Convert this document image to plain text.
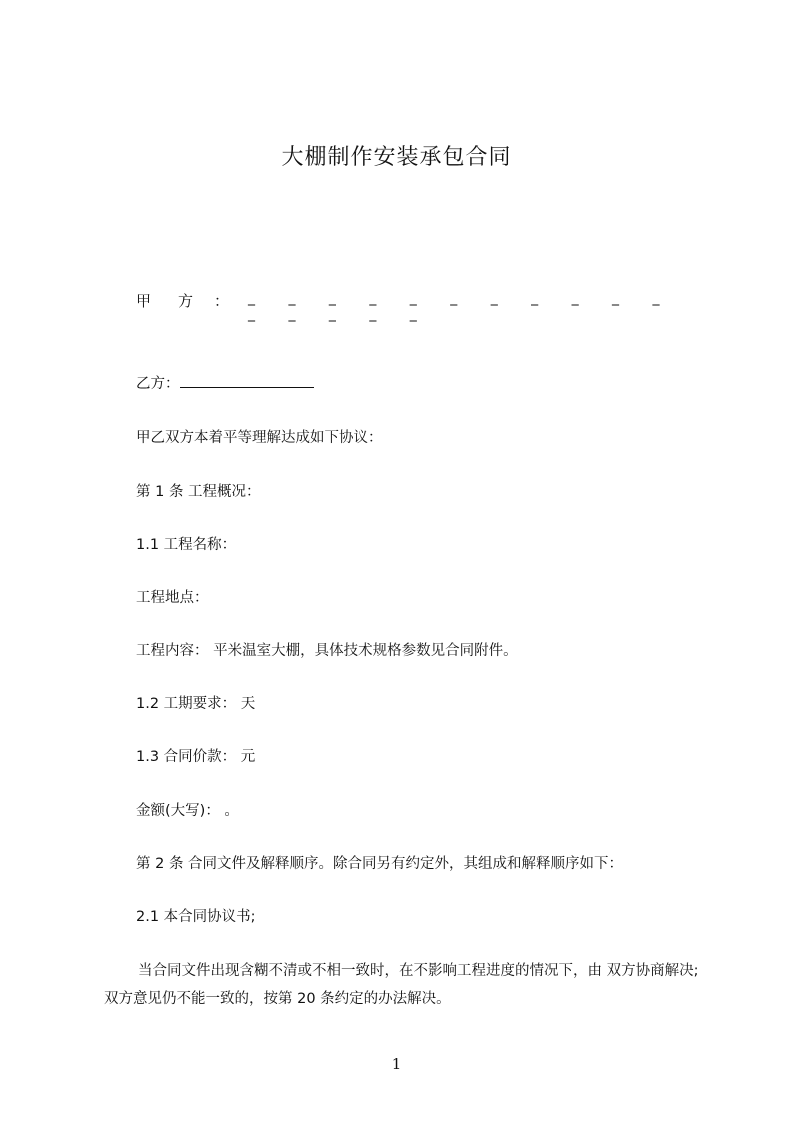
大棚制作安装承包合同
甲 方 ： _ _ _ _ _ _ _ _ _ _ _ _ _ _ _ _
乙方：
甲乙双方本着平等理解达成如下协议：
第 1 条 工程概况：
1.1 工程名称：
工程地点：
工程内容： 平米温室大棚，具体技术规格参数见合同附件。
1.2 工期要求： 天
1.3 合同价款： 元
金额(大写)： 。
第 2 条 合同文件及解释顺序。除合同另有约定外，其组成和解释顺序如下：
2.1 本合同协议书;
当合同文件出现含糊不清或不相一致时，在不影响工程进度的情况下，由 双方协商解决;双方意见仍不能一致的，按第 20 条约定的办法解决。
1
